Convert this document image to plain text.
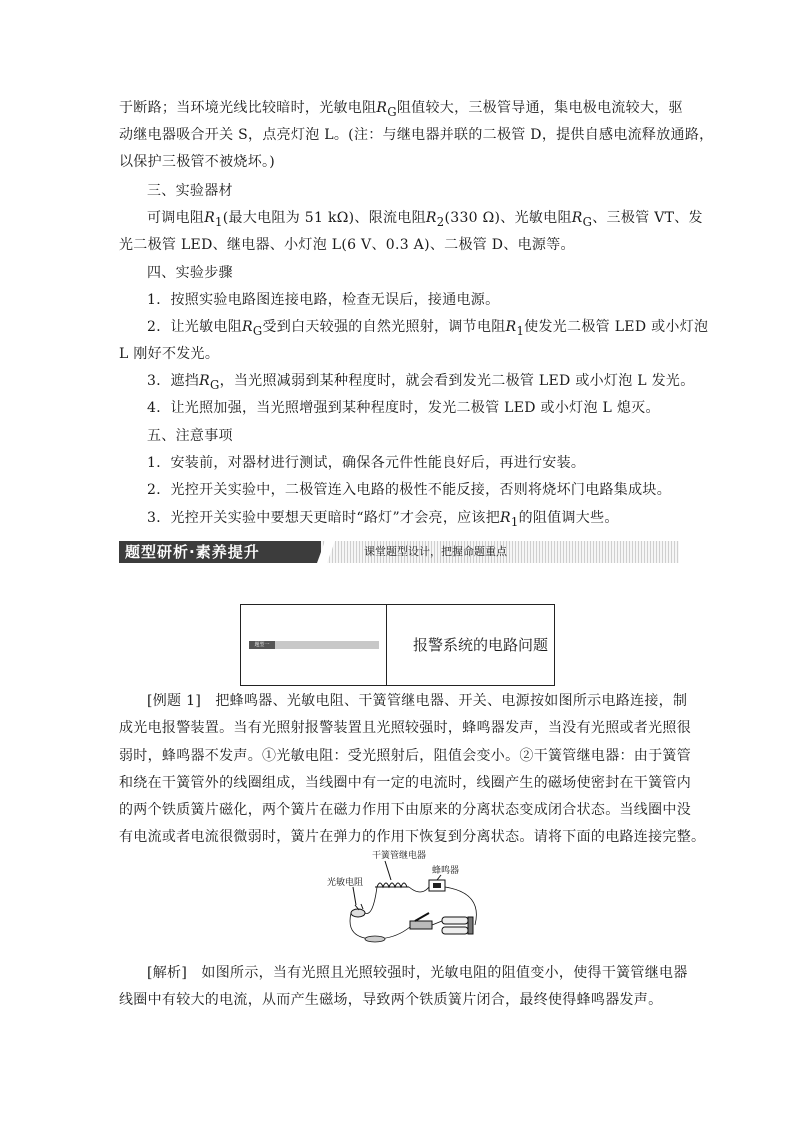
于断路；当环境光线比较暗时，光敏电阻$R_G$阻值较大，三极管导通，集电极电流较大，驱
动继电器吸合开关 S，点亮灯泡 L。(注：与继电器并联的二极管 D，提供自感电流释放通路，
以保护三极管不被烧坏。)
三、实验器材
可调电阻$R_1$(最大电阻为 51 kΩ)、限流电阻$R_2(330$ Ω)、光敏电阻$R_G$、三极管 VT、发
光二极管 LED、继电器、小灯泡 L(6 V、0.3 A)、二极管 D、电源等。
四、实验步骤
1．按照实验电路图连接电路，检查无误后，接通电源。
2．让光敏电阻$R_G$受到白天较强的自然光照射，调节电阻$R_1$使发光二极管 LED 或小灯泡
L 刚好不发光。
3．遮挡$R_G$，当光照减弱到某种程度时，就会看到发光二极管 LED 或小灯泡 L 发光。
4．让光照加强，当光照增强到某种程度时，发光二极管 LED 或小灯泡 L 熄灭。
五、注意事项
1．安装前，对器材进行测试，确保各元件性能良好后，再进行安装。
2．光控开关实验中，二极管连入电路的极性不能反接，否则将烧坏门电路集成块。
3．光控开关实验中要想天更暗时“路灯”才会亮，应该把$R_1$的阻值调大些。
题型研析·素养提升	课堂题型设计，把握命题重点
题型一	报警系统的电路问题
[例题 1]　把蜂鸣器、光敏电阻、干簧管继电器、开关、电源按如图所示电路连接，制
成光电报警装置。当有光照射报警装置且光照较强时，蜂鸣器发声，当没有光照或者光照很
弱时，蜂鸣器不发声。①光敏电阻：受光照射后，阻值会变小。②干簧管继电器：由于簧管
和绕在干簧管外的线圈组成，当线圈中有一定的电流时，线圈产生的磁场使密封在干簧管内
的两个铁质簧片磁化，两个簧片在磁力作用下由原来的分离状态变成闭合状态。当线圈中没
有电流或者电流很微弱时，簧片在弹力的作用下恢复到分离状态。请将下面的电路连接完整。
干簧管继电器
蜂鸣器
光敏电阻
[解析]　如图所示，当有光照且光照较强时，光敏电阻的阻值变小，使得干簧管继电器
线圈中有较大的电流，从而产生磁场，导致两个铁质簧片闭合，最终使得蜂鸣器发声。
